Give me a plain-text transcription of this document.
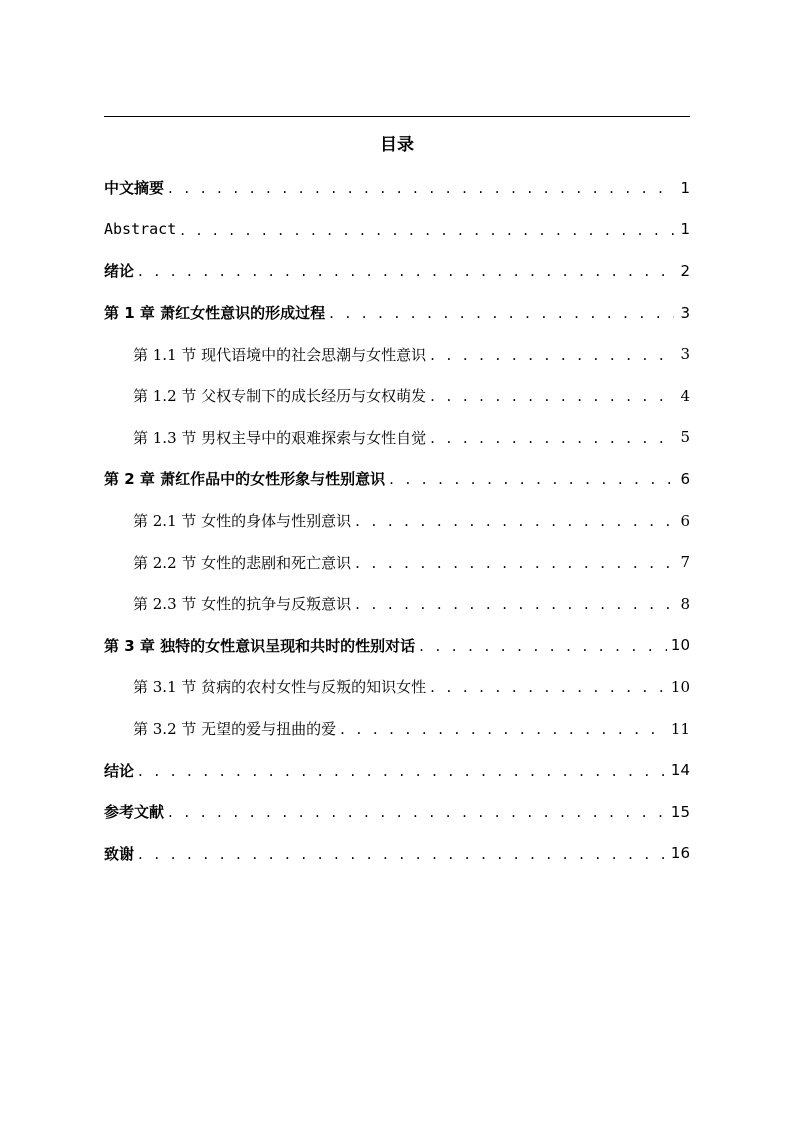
目录
中文摘要 . . .	1
Abstract . . .	1
绪论 . . .	2
第 1 章 萧红女性意识的形成过程 . . .	3
第 1.1 节 现代语境中的社会思潮与女性意识 . . .	3
第 1.2 节 父权专制下的成长经历与女权萌发 . . .	4
第 1.3 节 男权主导中的艰难探索与女性自觉 . . .	5
第 2 章 萧红作品中的女性形象与性别意识 . . .	6
第 2.1 节 女性的身体与性别意识 . . .	6
第 2.2 节 女性的悲剧和死亡意识 . . .	7
第 2.3 节 女性的抗争与反叛意识 . . .	8
第 3 章 独特的女性意识呈现和共时的性别对话 . . .	10
第 3.1 节 贫病的农村女性与反叛的知识女性 . . .	10
第 3.2 节 无望的爱与扭曲的爱 . . .	11
结论 . . .	14
参考文献 . . .	15
致谢 . . .	16
